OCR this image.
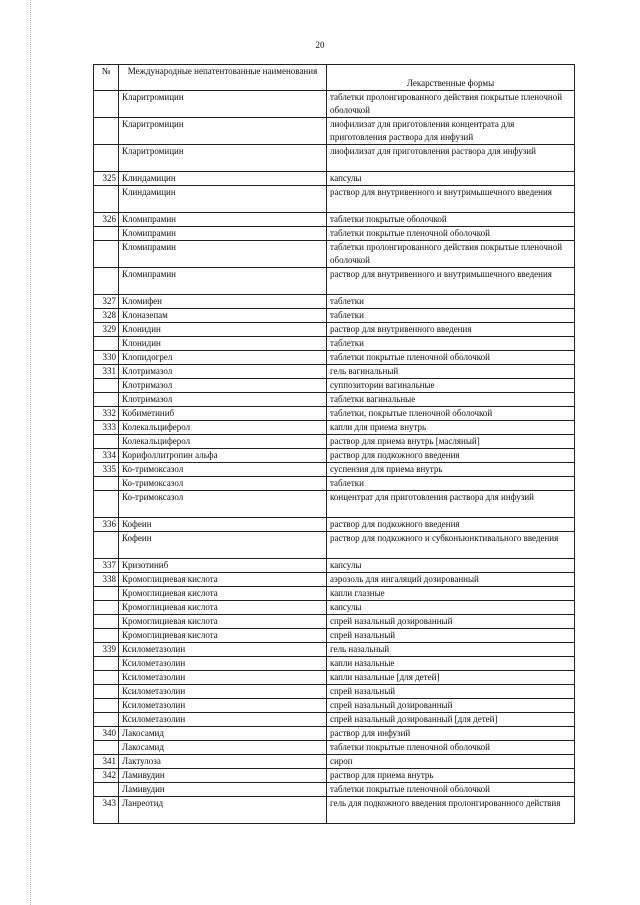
20
№	Международные непатентованные наименования	Лекарственные формы

	Кларитромицин	таблетки пролонгированного действия покрытые пленочной оболочкой
	Кларитромицин	лиофилизат для приготовления концентрата для приготовления раствора для инфузий
	Кларитромицин	лиофилизат для приготовления раствора для инфузий
325	Клиндамицин	капсулы
	Клиндамицин	раствор для внутривенного и внутримышечного введения
326	Кломипрамин	таблетки покрытые оболочкой
	Кломипрамин	таблетки покрытые пленочной оболочкой
	Кломипрамин	таблетки пролонгированного действия покрытые пленочной оболочкой
	Кломипрамин	раствор для внутривенного и внутримышечного введения
327	Кломифен	таблетки
328	Клоназепам	таблетки
329	Клонидин	раствор для внутривенного введения
	Клонидин	таблетки
330	Клопидогрел	таблетки покрытые пленочной оболочкой
331	Клотримазол	гель вагинальный
	Клотримазол	суппозитории вагинальные
	Клотримазол	таблетки вагинальные
332	Кобиметиниб	таблетки, покрытые пленочной оболочкой
333	Колекальциферол	капли для приема внутрь
	Колекальциферол	раствор для приема внутрь [масляный]
334	Корифоллитропин альфа	раствор для подкожного введения
335	Ко-тримоксазол	суспензия для приема внутрь
	Ко-тримоксазол	таблетки
	Ко-тримоксазол	концентрат для приготовления раствора для инфузий
336	Кофеин	раствор для подкожного введения
	Кофеин	раствор для подкожного и субконъюнктивального введения
337	Кризотиниб	капсулы
338	Кромоглициевая кислота	аэрозоль для ингаляций дозированный
	Кромоглициевая кислота	капли глазные
	Кромоглициевая кислота	капсулы
	Кромоглициевая кислота	спрей назальный дозированный
	Кромоглициевая кислота	спрей назальный
339	Ксилометазолин	гель назальный
	Ксилометазолин	капли назальные
	Ксилометазолин	капли назальные [для детей]
	Ксилометазолин	спрей назальный
	Ксилометазолин	спрей назальный дозированный
	Ксилометазолин	спрей назальный дозированный [для детей]
340	Лакосамид	раствор для инфузий
	Лакосамид	таблетки покрытые пленочной оболочкой
341	Лактулоза	сироп
342	Ламивудин	раствор для приема внутрь
	Ламивудин	таблетки покрытые пленочной оболочкой
343	Ланреотид	гель для подкожного введения пролонгированного действия
